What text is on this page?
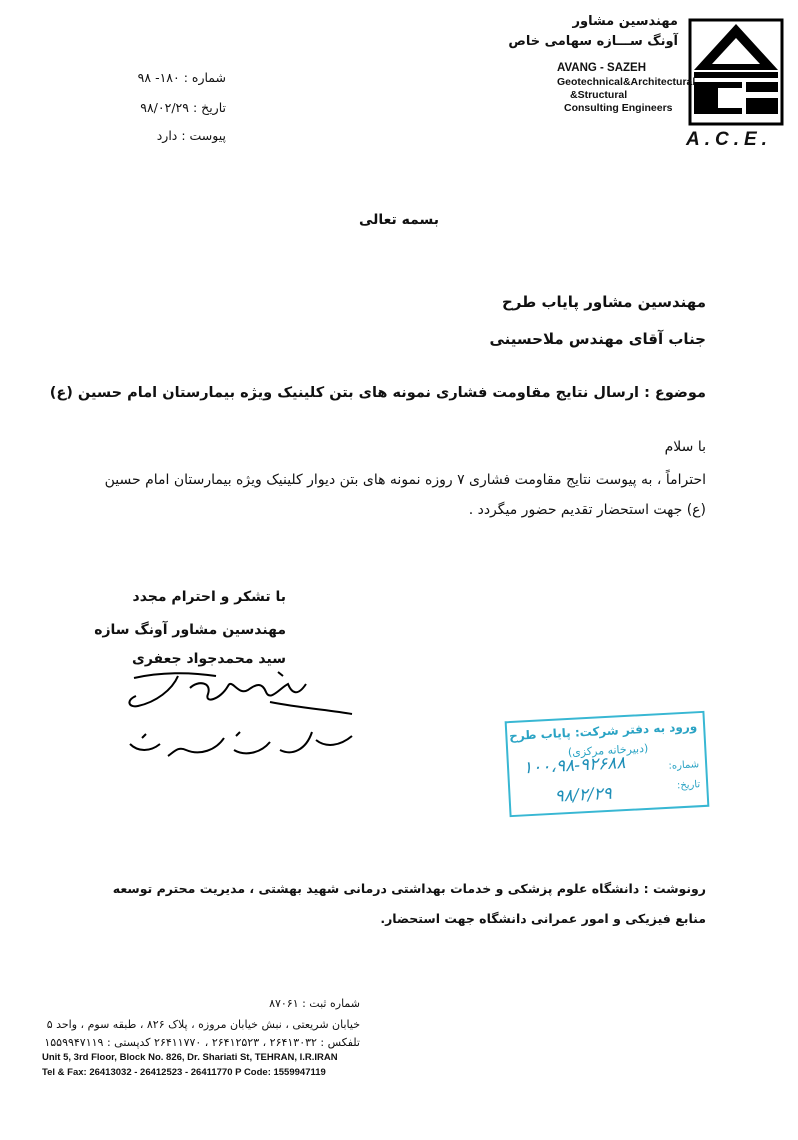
A.C.E.
مهندسین مشاور
آونگ ســـازه سهامی خاص
AVANG - SAZEH
Geotechnical&Architectural
&Structural
Consulting Engineers
شماره : ۱۸۰- ۹۸
تاریخ : ۹۸/۰۲/۲۹
پیوست : دارد
بسمه تعالی
مهندسین مشاور پایاب طرح
جناب آقای مهندس ملاحسینی
موضوع : ارسال نتایج مقاومت فشاری نمونه های بتن کلینیک ویژه بیمارستان امام حسین (ع)
با سلام
احتراماً ، به پیوست نتایج مقاومت فشاری ۷ روزه نمونه های بتن دیوار کلینیک ویژه بیمارستان امام حسین (ع) جهت استحضار تقدیم حضور میگردد .
با تشکر و احترام مجدد
مهندسین مشاور آونگ سازه
سید محمدجواد جعفری
ورود به دفتر شرکت: پایاب طرح
(دبیرخانه مرکزی)
شماره:
تاریخ:
۱۰۰،۹۸-۹۲۶۸۸
۹۸/۲/۲۹
رونوشت : دانشگاه علوم پزشکی و خدمات بهداشتی درمانی شهید بهشتی ، مدیریت محترم توسعه منابع فیزیکی و امور عمرانی دانشگاه جهت استحضار.
شماره ثبت : ۸۷۰۶۱
خیابان شریعتی ، نبش خیابان مروزه ، پلاک ۸۲۶ ، طبقه سوم ، واحد ۵
تلفکس : ۲۶۴۱۳۰۳۲ ، ۲۶۴۱۲۵۲۳ ، ۲۶۴۱۱۷۷۰ کدپستی : ۱۵۵۹۹۴۷۱۱۹
Unit 5, 3rd Floor, Block No. 826, Dr. Shariati St, TEHRAN, I.R.IRAN
Tel & Fax: 26413032 - 26412523 - 26411770 P Code: 1559947119
